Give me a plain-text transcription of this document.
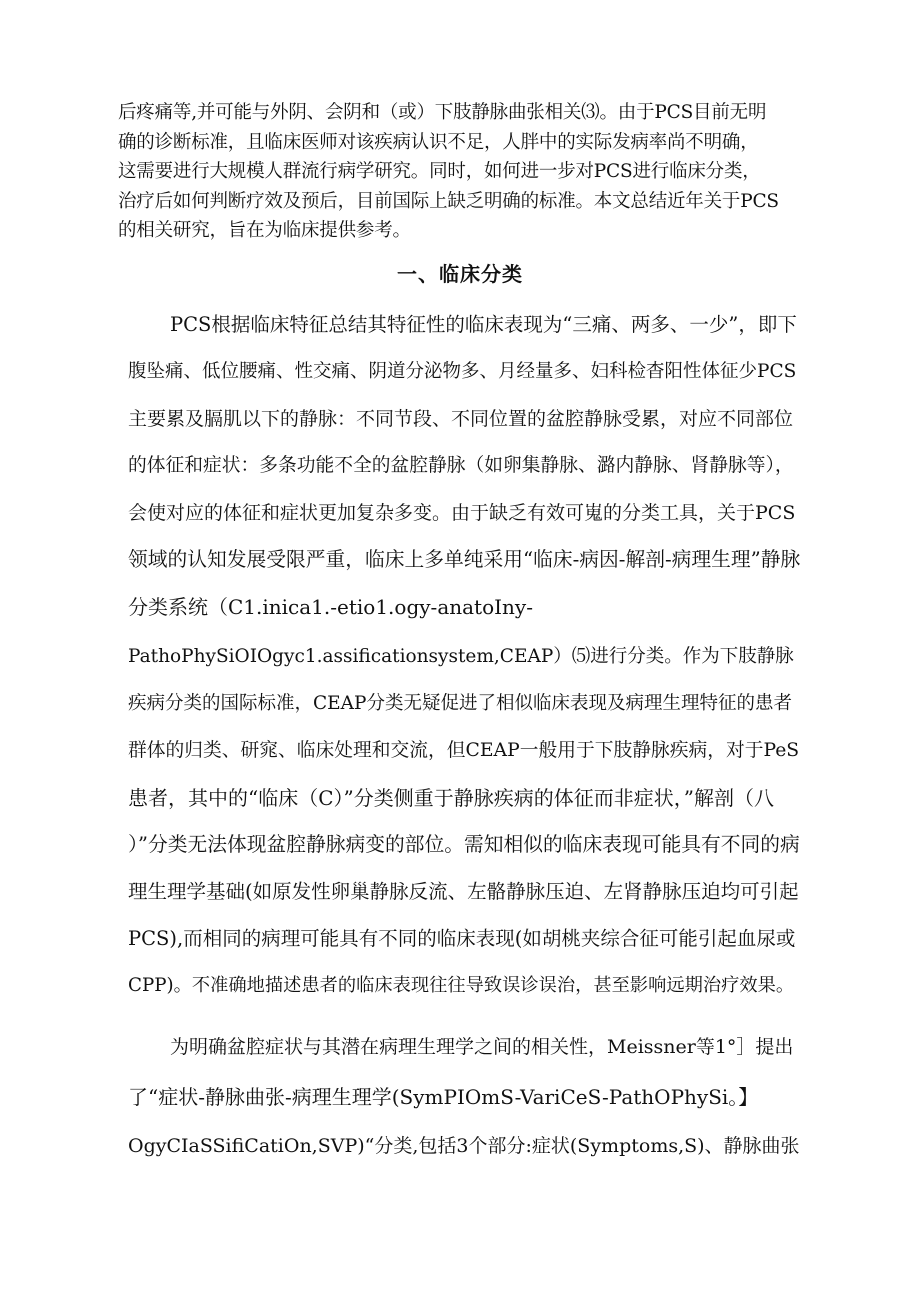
后疼痛等,并可能与外阴、会阴和（或）下肢静脉曲张相关⑶。由于PCS目前无明
确的诊断标准，且临床医师对该疾病认识不足，人胖中的实际发病率尚不明确，
这需要进行大规模人群流行病学研究。同时，如何进一步对PCS进行临床分类，
治疗后如何判断疗效及预后，目前国际上缺乏明确的标准。本文总结近年关于PCS
的相关研究，旨在为临床提供参考。

一、临床分类

PCS根据临床特征总结其特征性的临床表现为“三痛、两多、一少”，即下

腹坠痛、低位腰痛、性交痛、阴道分泌物多、月经量多、妇科检杳阳性体征少PCS

主要累及膈肌以下的静脉：不同节段、不同位置的盆腔静脉受累，对应不同部位

的体征和症状：多条功能不全的盆腔静脉（如卵集静脉、潞内静脉、肾静脉等），

会使对应的体征和症状更加复杂多变。由于缺乏有效可嵬的分类工具，关于PCS

领域的认知发展受限严重，临床上多单纯采用“临床-病因-解剖-病理生理”静脉

分类系统（C1.inica1.-etio1.ogy-anatoIny-

PathoPhySiOIOgyc1.assificationsystem,CEAP）⑸进行分类。作为下肢静脉

疾病分类的国际标准，CEAP分类无疑促进了相似临床表现及病理生理特征的患者

群体的归类、研窕、临床处理和交流，但CEAP一般用于下肢静脉疾病，对于PeS

患者，其中的“临床（C）”分类侧重于静脉疾病的体征而非症状，”解剖（八

）”分类无法体现盆腔静脉病变的部位。需知相似的临床表现可能具有不同的病

理生理学基础(如原发性卵巢静脉反流、左骼静脉压迫、左肾静脉压迫均可引起

PCS),而相同的病理可能具有不同的临床表现(如胡桃夹综合征可能引起血尿或

CPP)。不准确地描述患者的临床表现往往导致误诊误治，甚至影响远期治疗效果。

为明确盆腔症状与其潜在病理生理学之间的相关性，Meissner等1°］提出

了“症状-静脉曲张-病理生理学(SymPIOmS-VariCeS-PathOPhySi。】

OgyCIaSSifiCatiOn,SVP)“分类,包括3个部分:症状(Symptoms,S)、静脉曲张
